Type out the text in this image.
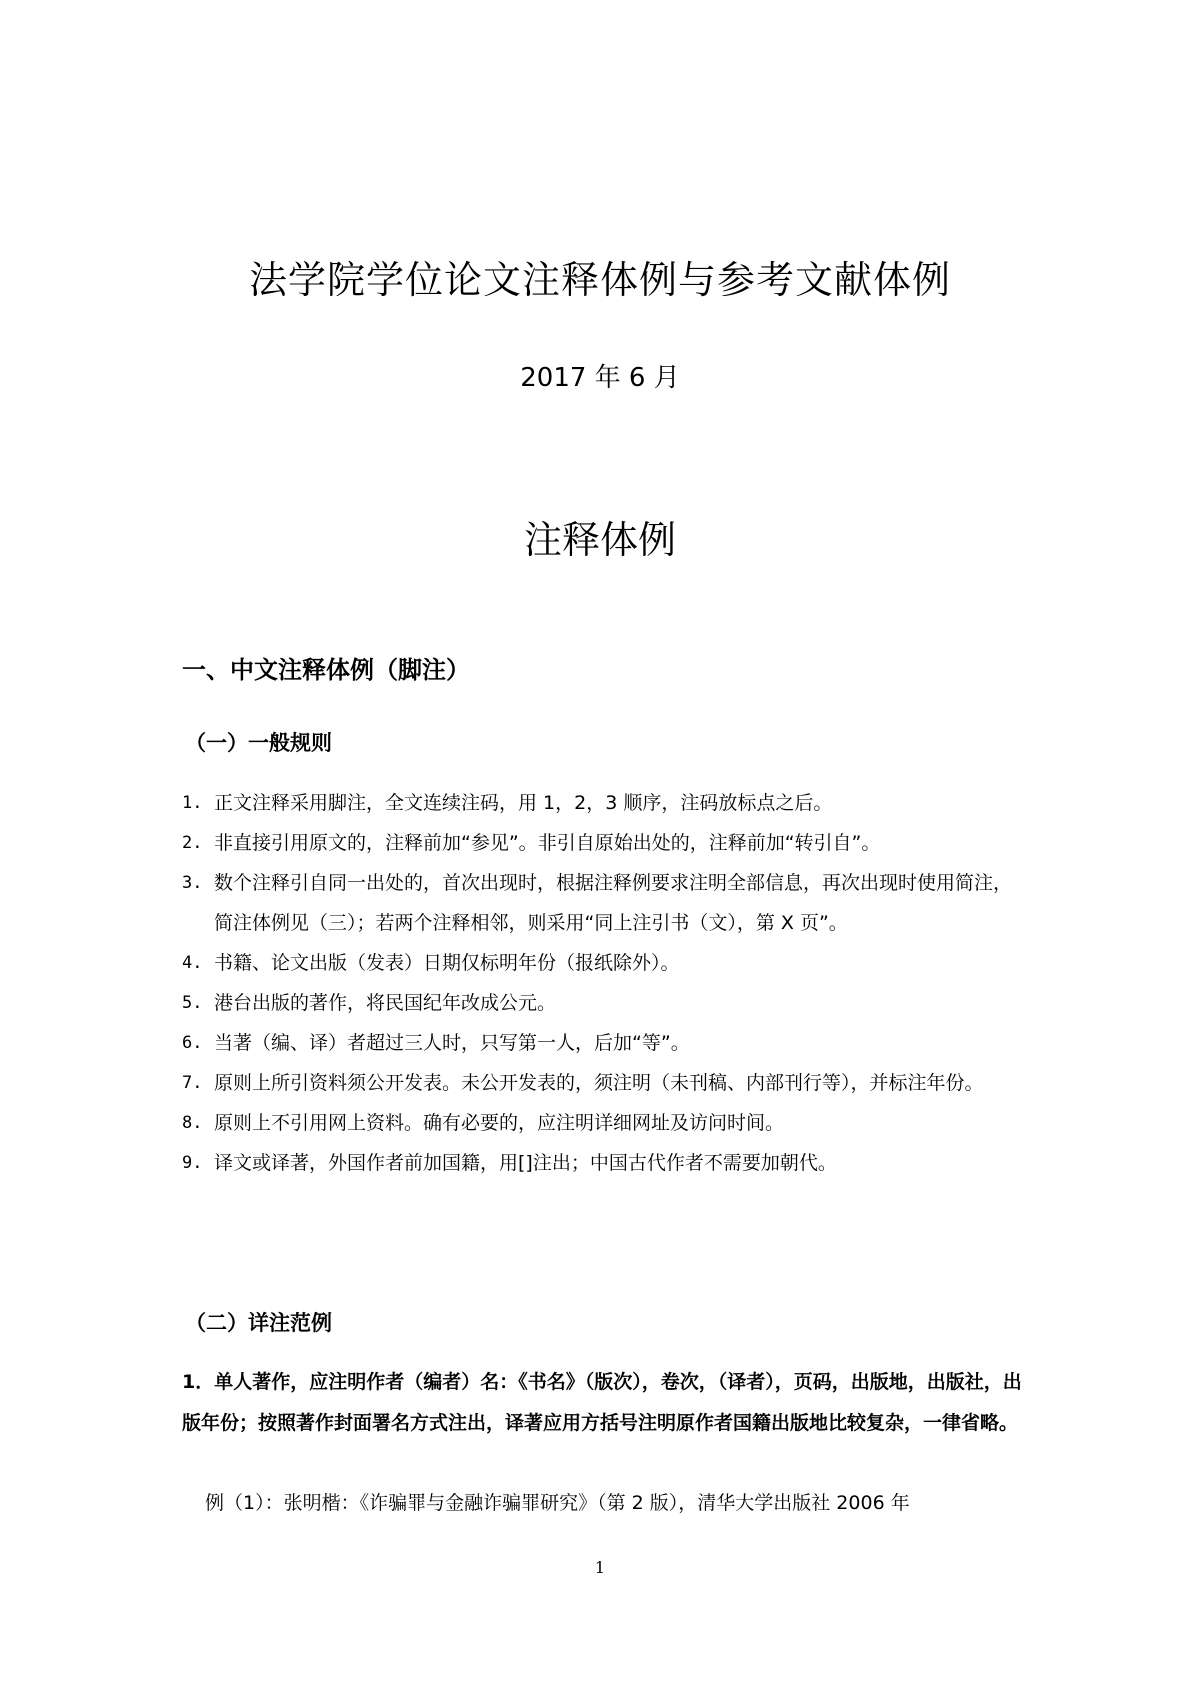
法学院学位论文注释体例与参考文献体例
2017 年 6 月
注释体例
一、中文注释体例（脚注）
（一）一般规则
1. 正文注释采用脚注，全文连续注码，用 1，2，3 顺序，注码放标点之后。
2. 非直接引用原文的，注释前加“参见”。非引自原始出处的，注释前加“转引自”。
3. 数个注释引自同一出处的，首次出现时，根据注释例要求注明全部信息，再次出现时使用简注，简注体例见（三）；若两个注释相邻，则采用“同上注引书（文），第 X 页”。
4. 书籍、论文出版（发表）日期仅标明年份（报纸除外）。
5. 港台出版的著作，将民国纪年改成公元。
6. 当著（编、译）者超过三人时，只写第一人，后加“等”。
7. 原则上所引资料须公开发表。未公开发表的，须注明（未刊稿、内部刊行等），并标注年份。
8. 原则上不引用网上资料。确有必要的，应注明详细网址及访问时间。
9. 译文或译著，外国作者前加国籍，用[]注出；中国古代作者不需要加朝代。
（二）详注范例
1．单人著作，应注明作者（编者）名：《书名》（版次），卷次，（译者），页码，出版地，出版社，出版年份；按照著作封面署名方式注出，译著应用方括号注明原作者国籍出版地比较复杂，一律省略。
例（1）：张明楷：《诈骗罪与金融诈骗罪研究》（第 2 版），清华大学出版社 2006 年
1
